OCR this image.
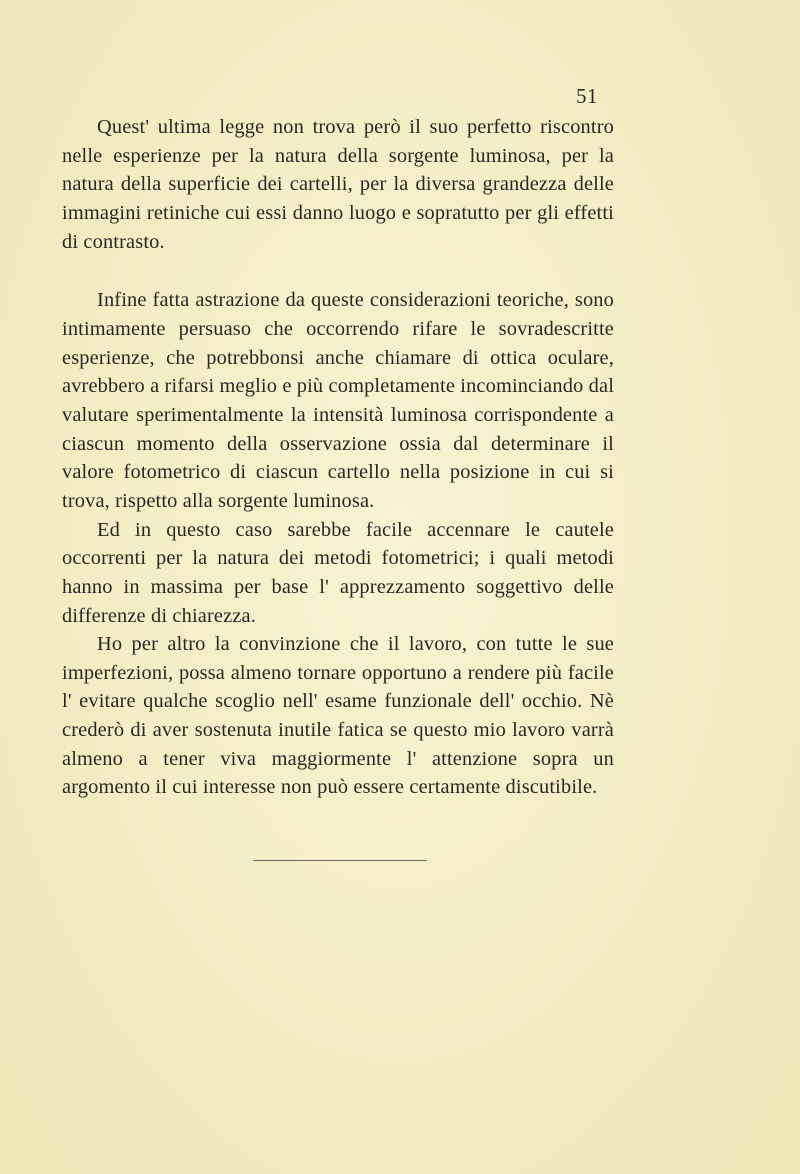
51

Quest' ultima legge non trova però il suo perfetto riscontro nelle esperienze per la natura della sorgente luminosa, per la natura della superficie dei cartelli, per la diversa grandezza delle immagini retiniche cui essi danno luogo e sopratutto per gli effetti di contrasto.

Infine fatta astrazione da queste considerazioni teoriche, sono intimamente persuaso che occorrendo rifare le sovradescritte esperienze, che potrebbonsi anche chiamare di ottica oculare, avrebbero a rifarsi meglio e più completamente incominciando dal valutare sperimentalmente la intensità luminosa corrispondente a ciascun momento della osservazione ossia dal determinare il valore fotometrico di ciascun cartello nella posizione in cui si trova, rispetto alla sorgente luminosa.

Ed in questo caso sarebbe facile accennare le cautele occorrenti per la natura dei metodi fotometrici; i quali metodi hanno in massima per base l' apprezzamento soggettivo delle differenze di chiarezza.

Ho per altro la convinzione che il lavoro, con tutte le sue imperfezioni, possa almeno tornare opportuno a rendere più facile l' evitare qualche scoglio nell' esame funzionale dell' occhio. Nè crederò di aver sostenuta inutile fatica se questo mio lavoro varrà almeno a tener viva maggiormente l' attenzione sopra un argomento il cui interesse non può essere certamente discutibile.
